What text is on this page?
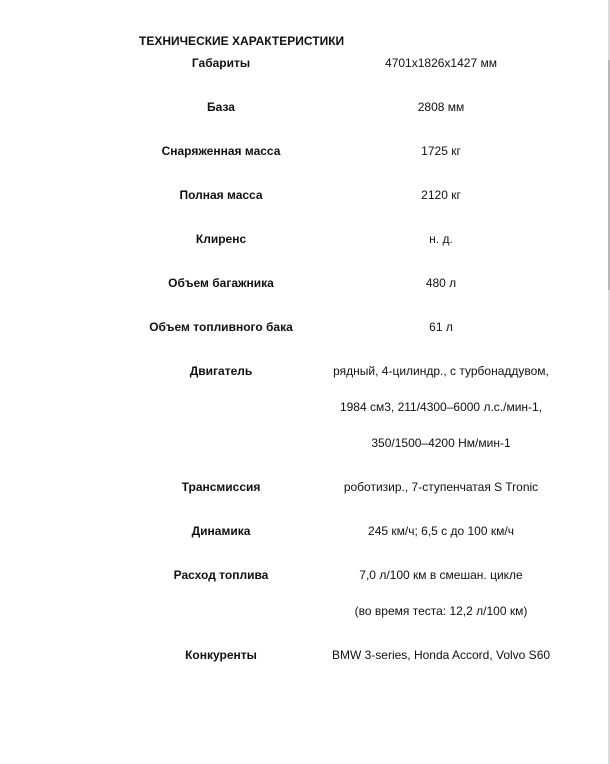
ТЕХНИЧЕСКИЕ ХАРАКТЕРИСТИКИ
Габариты	4701х1826х1427 мм
База	2808 мм
Снаряженная масса	1725 кг
Полная масса	2120 кг
Клиренс	н. д.
Объем багажника	480 л
Объем топливного бака	61 л
Двигатель	рядный, 4-цилиндр., с турбонаддувом,
1984 см3, 211/4300–6000 л.с./мин-1,
350/1500–4200 Нм/мин-1
Трансмиссия	роботизир., 7-ступенчатая S Tronic
Динамика	245 км/ч; 6,5 с до 100 км/ч
Расход топлива	7,0 л/100 км в смешан. цикле
(во время теста: 12,2 л/100 км)
Конкуренты	BMW 3-series, Honda Accord, Volvo S60
